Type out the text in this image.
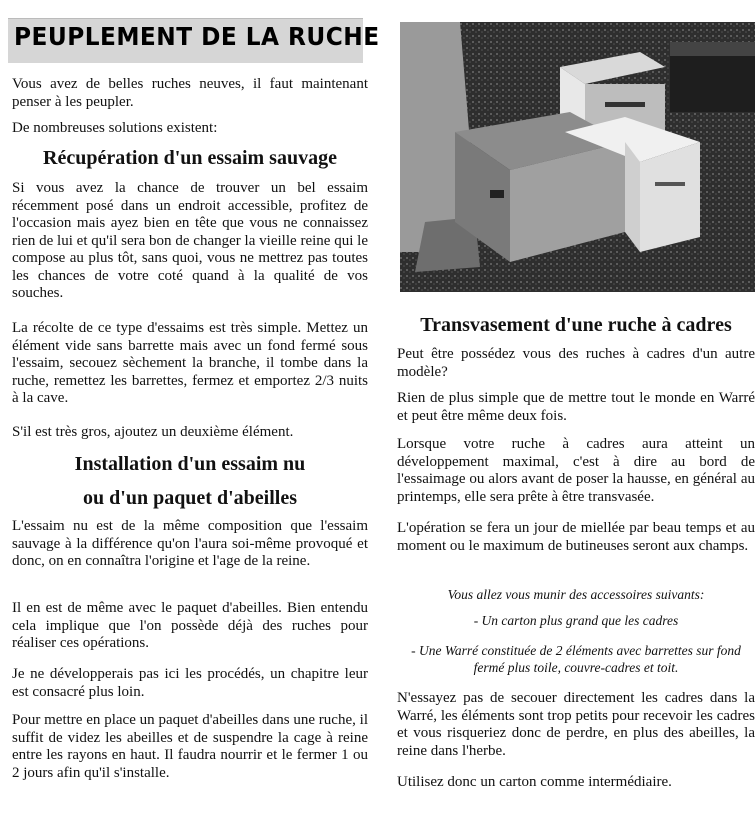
PEUPLEMENT DE LA RUCHE

Vous avez de belles ruches neuves, il faut maintenant penser à les peupler.

De nombreuses solutions existent:

Récupération d'un essaim sauvage

Si vous avez la chance de trouver un bel essaim récemment posé dans un endroit accessible, profitez de l'occasion mais ayez bien en tête que vous ne connaissez rien de lui et qu'il sera bon de changer la vieille reine qui le compose au plus tôt, sans quoi, vous ne mettrez pas toutes les chances de votre coté quand à la qualité de vos souches.

La récolte de ce type d'essaims est très simple. Mettez un élément vide sans barrette mais avec un fond fermé sous l'essaim, secouez sèchement la branche, il tombe dans la ruche, remettez les barrettes, fermez et emportez 2/3 nuits à la cave.

S'il est très gros, ajoutez un deuxième élément.

Installation d'un essaim nu
ou d'un paquet d'abeilles

L'essaim nu est de la même composition que l'essaim sauvage à la différence qu'on l'aura soi-même provoqué et donc, on en connaîtra l'origine et l'age de la reine.

Il en est de même avec le paquet d'abeilles. Bien entendu cela implique que l'on possède déjà des ruches pour réaliser ces opérations.

Je ne développerais pas ici les procédés, un chapitre leur est consacré plus loin.

Pour mettre en place un paquet d'abeilles dans une ruche, il suffit de videz les abeilles et de suspendre la cage à reine entre les rayons en haut. Il faudra nourrir et le fermer 1 ou 2 jours afin qu'il s'installe.

Transvasement d'une ruche à cadres

Peut être possédez vous des ruches à cadres d'un autre modèle?

Rien de plus simple que de mettre tout le monde en Warré et peut être même deux fois.

Lorsque votre ruche à cadres aura atteint un développement maximal, c'est à dire au bord de l'essaimage ou alors avant de poser la hausse, en général au printemps, elle sera prête à être transvasée.

L'opération se fera un jour de miellée par beau temps et au moment ou le maximum de butineuses seront aux champs.

Vous allez vous munir des accessoires suivants:

- Un carton plus grand que les cadres

- Une Warré constituée de 2 éléments avec barrettes sur fond fermé plus toile, couvre-cadres et toit.

N'essayez pas de secouer directement les cadres dans la Warré, les éléments sont trop petits pour recevoir les cadres et vous risqueriez donc de perdre, en plus des abeilles, la reine dans l'herbe.

Utilisez donc un carton comme intermédiaire.
